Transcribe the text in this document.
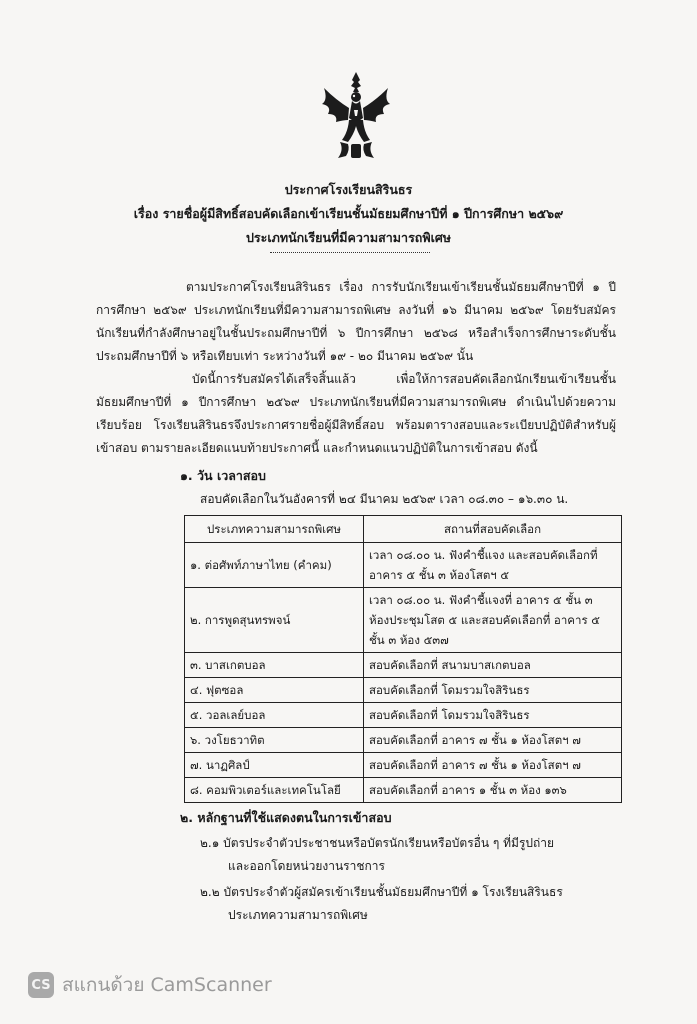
ประกาศโรงเรียนสิรินธร
เรื่อง รายชื่อผู้มีสิทธิ์สอบคัดเลือกเข้าเรียนชั้นมัธยมศึกษาปีที่ ๑ ปีการศึกษา ๒๕๖๙
ประเภทนักเรียนที่มีความสามารถพิเศษ
ตามประกาศโรงเรียนสิรินธร เรื่อง การรับนักเรียนเข้าเรียนชั้นมัธยมศึกษาปีที่ ๑ ปีการศึกษา ๒๕๖๙ ประเภทนักเรียนที่มีความสามารถพิเศษ ลงวันที่ ๑๖ มีนาคม ๒๕๖๙ โดยรับสมัครนักเรียนที่กำลังศึกษาอยู่ในชั้นประถมศึกษาปีที่ ๖ ปีการศึกษา ๒๕๖๘ หรือสำเร็จการศึกษาระดับชั้นประถมศึกษาปีที่ ๖ หรือเทียบเท่า ระหว่างวันที่ ๑๙ - ๒๐ มีนาคม ๒๕๖๙ นั้น
บัดนี้การรับสมัครได้เสร็จสิ้นแล้ว เพื่อให้การสอบคัดเลือกนักเรียนเข้าเรียนชั้นมัธยมศึกษาปีที่ ๑ ปีการศึกษา ๒๕๖๙ ประเภทนักเรียนที่มีความสามารถพิเศษ ดำเนินไปด้วยความเรียบร้อย โรงเรียนสิรินธรจึงประกาศรายชื่อผู้มีสิทธิ์สอบ พร้อมตารางสอบและระเบียบปฏิบัติสำหรับผู้เข้าสอบ ตามรายละเอียดแนบท้ายประกาศนี้ และกำหนดแนวปฏิบัติในการเข้าสอบ ดังนี้
๑. วัน เวลาสอบ
สอบคัดเลือกในวันอังคารที่ ๒๔ มีนาคม ๒๕๖๙ เวลา ๐๘.๓๐ – ๑๖.๓๐ น.
ประเภทความสามารถพิเศษ	สถานที่สอบคัดเลือก
๑. ต่อศัพท์ภาษาไทย (คำคม)	เวลา ๐๘.๐๐ น. ฟังคำชี้แจง และสอบคัดเลือกที่ อาคาร ๕ ชั้น ๓ ห้องโสตฯ ๕
๒. การพูดสุนทรพจน์	เวลา ๐๘.๐๐ น. ฟังคำชี้แจงที่ อาคาร ๕ ชั้น ๓ ห้องประชุมโสต ๕ และสอบคัดเลือกที่ อาคาร ๕ ชั้น ๓ ห้อง ๕๓๗
๓. บาสเกตบอล	สอบคัดเลือกที่ สนามบาสเกตบอล
๔. ฟุตซอล	สอบคัดเลือกที่ โดมรวมใจสิรินธร
๕. วอลเลย์บอล	สอบคัดเลือกที่ โดมรวมใจสิรินธร
๖. วงโยธวาทิต	สอบคัดเลือกที่ อาคาร ๗ ชั้น ๑ ห้องโสตฯ ๗
๗. นาฏศิลป์	สอบคัดเลือกที่ อาคาร ๗ ชั้น ๑ ห้องโสตฯ ๗
๘. คอมพิวเตอร์และเทคโนโลยี	สอบคัดเลือกที่ อาคาร ๑ ชั้น ๓ ห้อง ๑๓๖
๒. หลักฐานที่ใช้แสดงตนในการเข้าสอบ
๒.๑ บัตรประจำตัวประชาชนหรือบัตรนักเรียนหรือบัตรอื่น ๆ ที่มีรูปถ่าย
และออกโดยหน่วยงานราชการ
๒.๒ บัตรประจำตัวผู้สมัครเข้าเรียนชั้นมัธยมศึกษาปีที่ ๑ โรงเรียนสิรินธร
ประเภทความสามารถพิเศษ
CS สแกนด้วย CamScanner
